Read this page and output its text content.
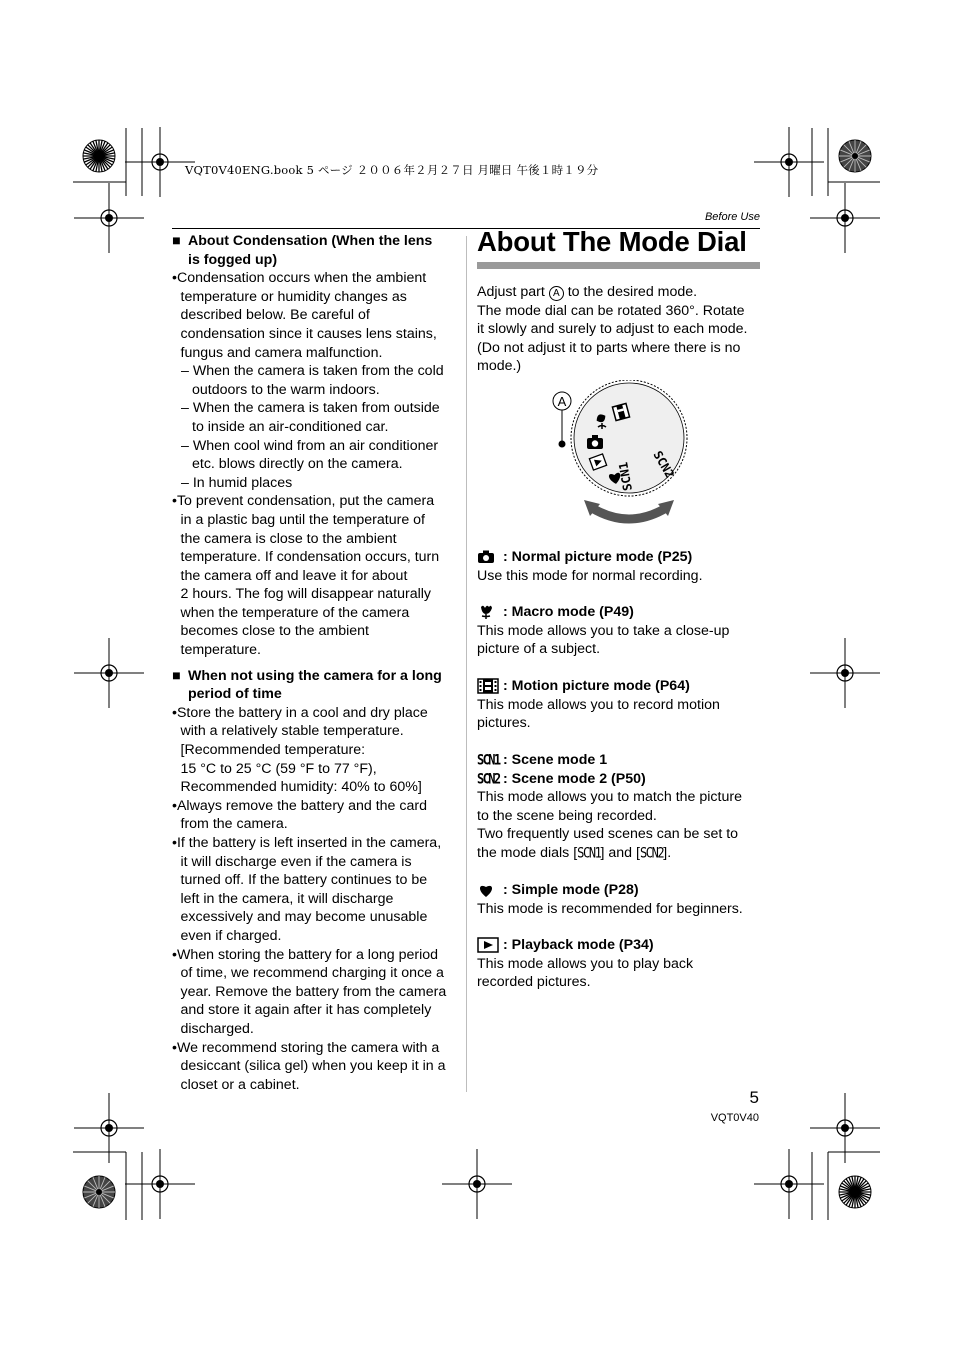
VQT0V40ENG.book 5 ページ ２００６年２月２７日 月曜日 午後１時１９分
Before Use

■ About Condensation (When the lens
is fogged up)

•Condensation occurs when the ambient
temperature or humidity changes as
described below. Be careful of
condensation since it causes lens stains,
fungus and camera malfunction.

– When the camera is taken from the cold
outdoors to the warm indoors.

– When the camera is taken from outside
to inside an air-conditioned car.

– When cool wind from an air conditioner
etc. blows directly on the camera.

– In humid places

•To prevent condensation, put the camera
in a plastic bag until the temperature of
the camera is close to the ambient
temperature. If condensation occurs, turn
the camera off and leave it for about
2 hours. The fog will disappear naturally
when the temperature of the camera
becomes close to the ambient
temperature.

■ When not using the camera for a long
period of time

•Store the battery in a cool and dry place
with a relatively stable temperature.
[Recommended temperature:
15 °C to 25 °C (59 °F to 77 °F),
Recommended humidity: 40% to 60%]

•Always remove the battery and the card
from the camera.

•If the battery is left inserted in the camera,
it will discharge even if the camera is
turned off. If the battery continues to be
left in the camera, it will discharge
excessively and may become unusable
even if charged.

•When storing the battery for a long period
of time, we recommend charging it once a
year. Remove the battery from the camera
and store it again after it has completely
discharged.

•We recommend storing the camera with a
desiccant (silica gel) when you keep it in a
closet or a cabinet.

About The Mode Dial

Adjust part A to the desired mode.
The mode dial can be rotated 360°. Rotate
it slowly and surely to adjust to each mode.
(Do not adjust it to parts where there is no
mode.)

A
SCN1 SCN2

: Normal picture mode (P25)

Use this mode for normal recording.

: Macro mode (P49)

This mode allows you to take a close-up

picture of a subject.

: Motion picture mode (P64)

This mode allows you to record motion

pictures.

SCN1 : Scene mode 1

SCN2 : Scene mode 2 (P50)

This mode allows you to match the picture

to the scene being recorded.

Two frequently used scenes can be set to

the mode dials [SCN1] and [SCN2].

: Simple mode (P28)

This mode is recommended for beginners.

: Playback mode (P34)

This mode allows you to play back

recorded pictures.

5
VQT0V40
